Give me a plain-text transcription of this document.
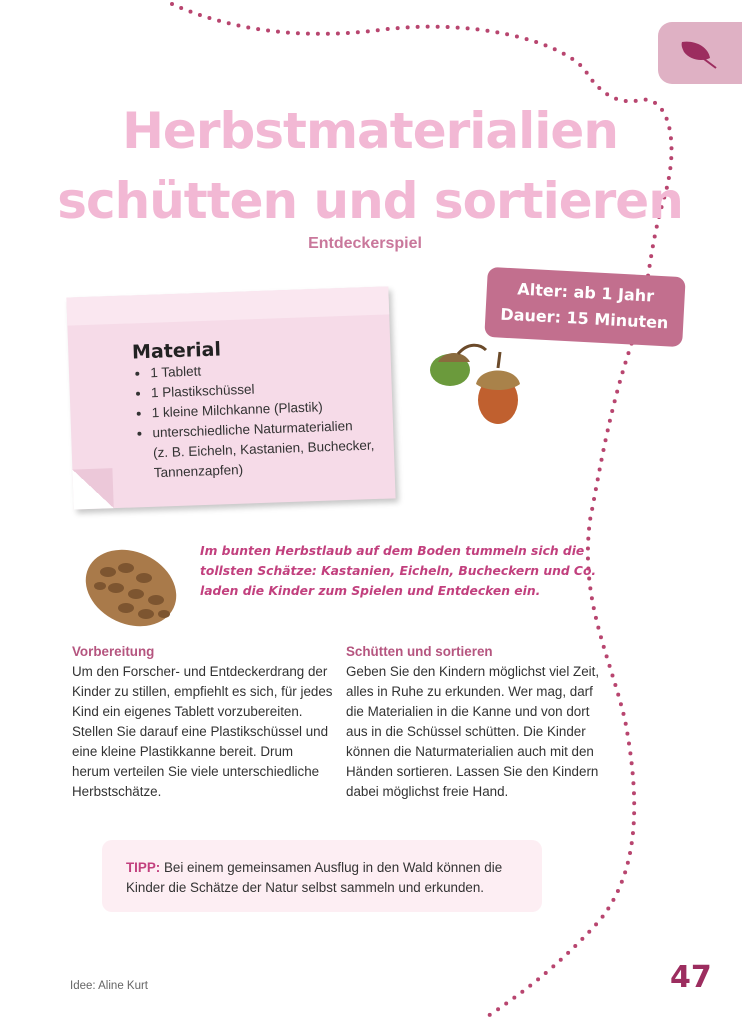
Herbstmaterialien
schütten und sortieren
Entdeckerspiel
Material
• 1 Tablett
• 1 Plastikschüssel
• 1 kleine Milchkanne (Plastik)
• unterschiedliche Naturmaterialien
(z. B. Eicheln, Kastanien, Buchecker,
Tannenzapfen)
Alter: ab 1 Jahr
Dauer: 15 Minuten
Im bunten Herbstlaub auf dem Boden tummeln sich die tollsten Schätze: Kastanien, Eicheln, Bucheckern und Co. laden die Kinder zum Spielen und Entdecken ein.
Vorbereitung

Um den Forscher- und Entdeckerdrang der Kinder zu stillen, empfiehlt es sich, für jedes Kind ein eigenes Tablett vorzubereiten. Stellen Sie darauf eine Plastikschüssel und eine kleine Plastikkanne bereit. Drum herum verteilen Sie viele unterschiedliche Herbstschätze.

Schütten und sortieren

Geben Sie den Kindern möglichst viel Zeit, alles in Ruhe zu erkunden. Wer mag, darf die Materialien in die Kanne und von dort aus in die Schüssel schütten. Die Kinder können die Naturmaterialien auch mit den Händen sortieren. Lassen Sie den Kindern dabei möglichst freie Hand.

TIPP: Bei einem gemeinsamen Ausflug in den Wald können die Kinder die Schätze der Natur selbst sammeln und erkunden.
Idee: Aline Kurt	47
